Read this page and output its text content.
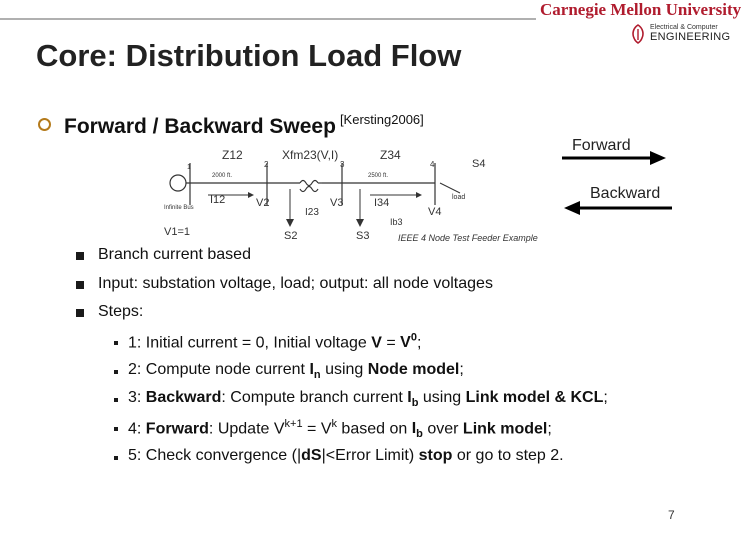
Carnegie Mellon University
Electrical & Computer
ENGINEERING
Core: Distribution Load Flow
Forward / Backward Sweep [Kersting2006]
Forward
Backward
Z12	Xfm23(V,I)	Z34
S4
1	2	3	4
2000 ft.	2500 ft.
I12
I23
I34
Ib3
V2	V3
V4
S2	S3
load
Infinite Bus
V1=1	IEEE 4 Node Test Feeder Example
Branch current based
Input: substation voltage, load; output: all node voltages
Steps:
1: Initial current = 0, Initial voltage $V = V^0$;
2: Compute node current $I_n$ using Node model;
3: Backward: Compute branch current $I_b$ using Link model & KCL;
4: Forward: Update $V^{k+1} = V^k$ based on $I_b$ over Link model;
5: Check convergence (|dS|<Error Limit) stop or go to step 2.
7
